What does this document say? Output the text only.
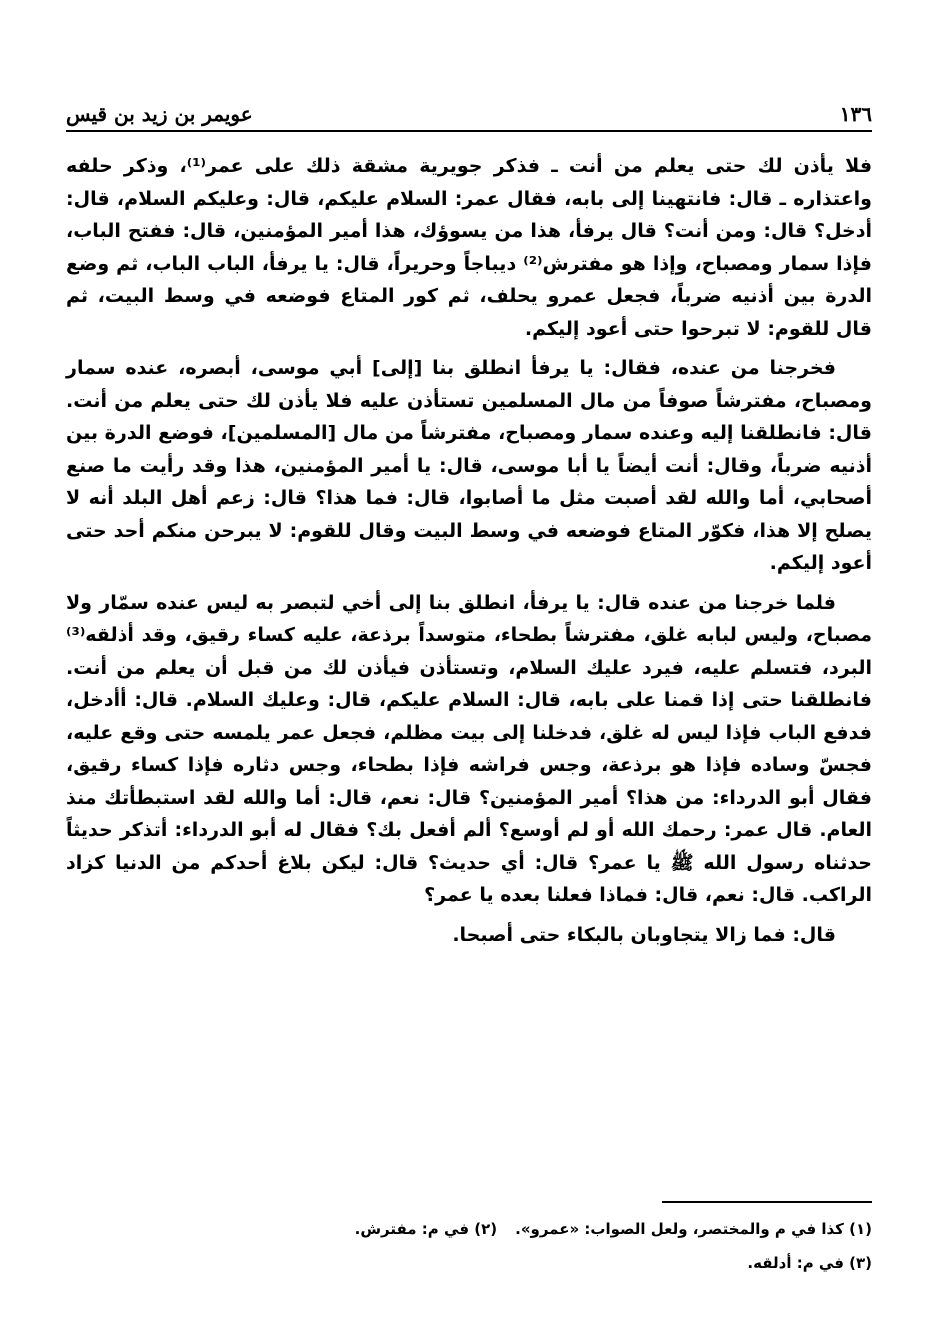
١٣٦
عويمر بن زيد بن قيس

فلا يأذن لك حتى يعلم من أنت ـ فذكر جويرية مشقة ذلك على عمر⁽¹⁾، وذكر حلفه واعتذاره ـ قال: فانتهينا إلى بابه، فقال عمر: السلام عليكم، قال: وعليكم السلام، قال: أدخل؟ قال: ومن أنت؟ قال يرفأ، هذا من يسوؤك، هذا أمير المؤمنين، قال: ففتح الباب، فإذا سمار ومصباح، وإذا هو مفترش⁽²⁾ ديباجاً وحريراً، قال: يا يرفأ، الباب الباب، ثم وضع الدرة بين أذنيه ضرباً، فجعل عمرو يحلف، ثم كور المتاع فوضعه في وسط البيت، ثم قال للقوم: لا تبرحوا حتى أعود إليكم.

فخرجنا من عنده، فقال: يا يرفأ انطلق بنا [إلى] أبي موسى، أبصره، عنده سمار ومصباح، مفترشاً صوفاً من مال المسلمين تستأذن عليه فلا يأذن لك حتى يعلم من أنت. قال: فانطلقنا إليه وعنده سمار ومصباح، مفترشاً من مال [المسلمين]، فوضع الدرة بين أذنيه ضرباً، وقال: أنت أيضاً يا أبا موسى، قال: يا أمير المؤمنين، هذا وقد رأيت ما صنع أصحابي، أما والله لقد أصبت مثل ما أصابوا، قال: فما هذا؟ قال: زعم أهل البلد أنه لا يصلح إلا هذا، فكوّر المتاع فوضعه في وسط البيت وقال للقوم: لا يبرحن منكم أحد حتى أعود إليكم.

فلما خرجنا من عنده قال: يا يرفأ، انطلق بنا إلى أخي لتبصر به ليس عنده سمّار ولا مصباح، وليس لبابه غلق، مفترشاً بطحاء، متوسداً برذعة، عليه كساء رقيق، وقد أذلقه⁽³⁾ البرد، فتسلم عليه، فيرد عليك السلام، وتستأذن فيأذن لك من قبل أن يعلم من أنت. فانطلقنا حتى إذا قمنا على بابه، قال: السلام عليكم، قال: وعليك السلام. قال: أأدخل، فدفع الباب فإذا ليس له غلق، فدخلنا إلى بيت مظلم، فجعل عمر يلمسه حتى وقع عليه، فجسّ وساده فإذا هو برذعة، وجس فراشه فإذا بطحاء، وجس دثاره فإذا كساء رقيق، فقال أبو الدرداء: من هذا؟ أمير المؤمنين؟ قال: نعم، قال: أما والله لقد استبطأتك منذ العام. قال عمر: رحمك الله أو لم أوسع؟ ألم أفعل بك؟ فقال له أبو الدرداء: أتذكر حديثاً حدثناه رسول الله ﷺ يا عمر؟ قال: أي حديث؟ قال: ليكن بلاغ أحدكم من الدنيا كزاد الراكب. قال: نعم، قال: فماذا فعلنا بعده يا عمر؟

قال: فما زالا يتجاوبان بالبكاء حتى أصبحا.

(١) كذا في م والمختصر، ولعل الصواب: «عمرو».(٢) في م: مفترش.
(٣) في م: أدلقه.
